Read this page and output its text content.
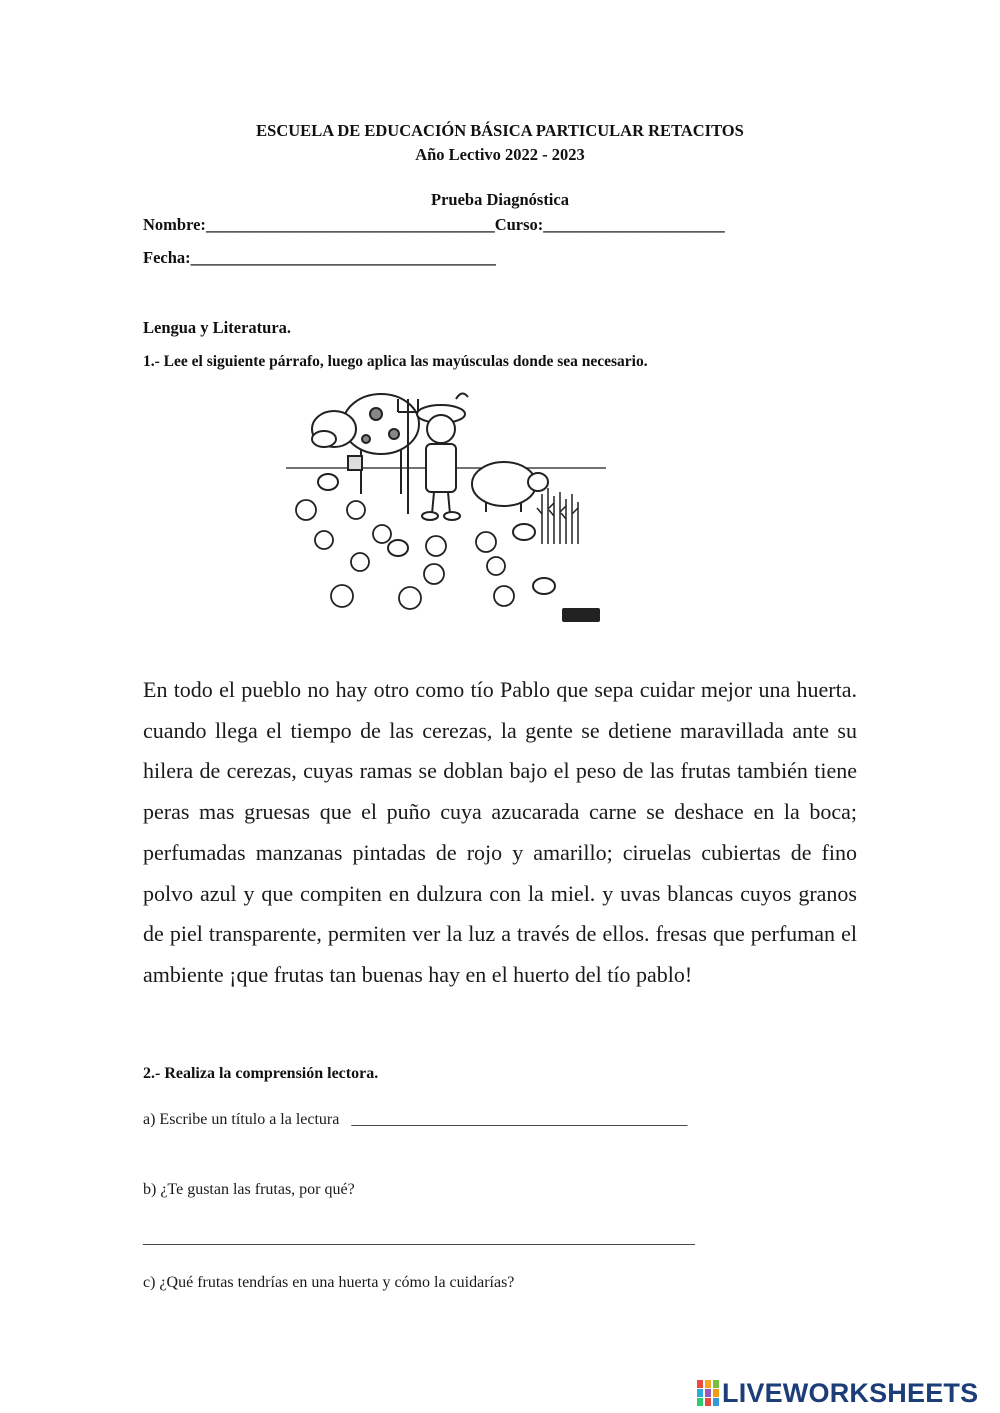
ESCUELA DE EDUCACIÓN BÁSICA PARTICULAR RETACITOS
Año Lectivo 2022 - 2023
Prueba Diagnóstica
Nombre:___________________________________Curso:______________________
Fecha:_____________________________________
Lengua y Literatura.
1.- Lee el siguiente párrafo, luego aplica las mayúsculas donde sea necesario.
En todo el pueblo no hay otro como tío Pablo que sepa cuidar mejor una huerta. cuando llega el tiempo de las cerezas, la gente se detiene maravillada ante su hilera de cerezas, cuyas ramas se doblan bajo el peso de las frutas también tiene peras mas gruesas que el puño cuya azucarada carne se deshace en la boca; perfumadas manzanas pintadas de rojo y amarillo; ciruelas cubiertas de fino polvo azul y que compiten en dulzura con la miel. y uvas blancas cuyos granos de piel transparente, permiten ver la luz a través de ellos. fresas que perfuman el ambiente ¡que frutas tan buenas hay en el huerto del tío pablo!
2.- Realiza la comprensión lectora.
a) Escribe un título a la lectura __________________________________________
b) ¿Te gustan las frutas, por qué?
_____________________________________________________________________
c) ¿Qué frutas tendrías en una huerta y cómo la cuidarías?
LIVEWORKSHEETS
